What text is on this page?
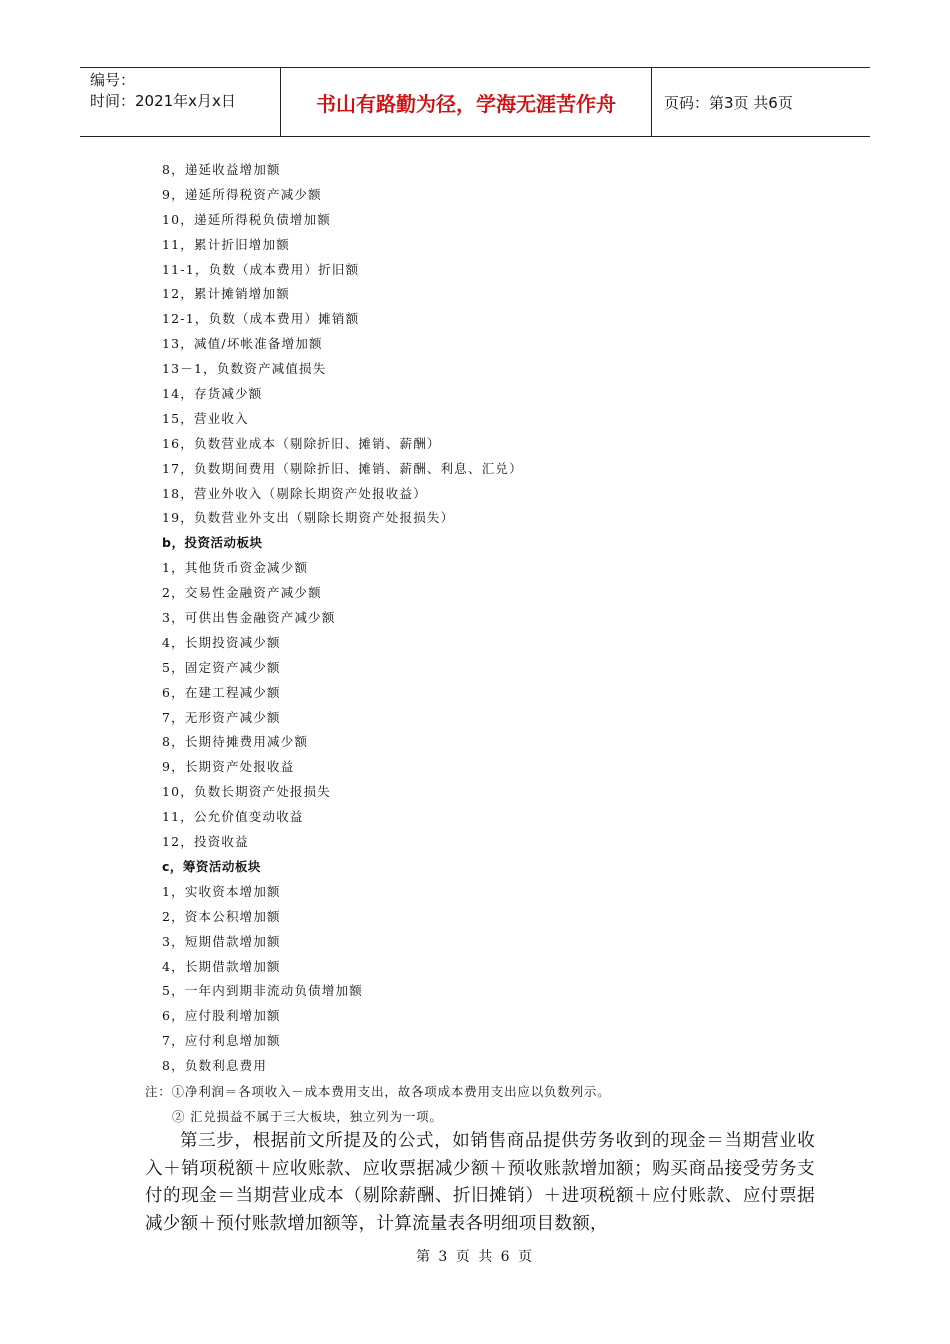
编号：
时间：2021年x月x日	书山有路勤为径，学海无涯苦作舟	页码：第3页 共6页
8，递延收益增加额
9，递延所得税资产减少额
10，递延所得税负债增加额
11，累计折旧增加额
11-1，负数（成本费用）折旧额
12，累计摊销增加额
12-1，负数（成本费用）摊销额
13，减值/坏帐准备增加额
13－1，负数资产减值损失
14，存货减少额
15，营业收入
16，负数营业成本（剔除折旧、摊销、薪酬）
17，负数期间费用（剔除折旧、摊销、薪酬、利息、汇兑）
18，营业外收入（剔除长期资产处报收益）
19，负数营业外支出（剔除长期资产处报损失）
b，投资活动板块
1，其他货币资金减少额
2，交易性金融资产减少额
3，可供出售金融资产减少额
4，长期投资减少额
5，固定资产减少额
6，在建工程减少额
7，无形资产减少额
8，长期待摊费用减少额
9，长期资产处报收益
10，负数长期资产处报损失
11，公允价值变动收益
12，投资收益
c，筹资活动板块
1，实收资本增加额
2，资本公积增加额
3，短期借款增加额
4，长期借款增加额
5，一年内到期非流动负债增加额
6，应付股利增加额
7，应付利息增加额
8，负数利息费用
注：①净利润＝各项收入－成本费用支出，故各项成本费用支出应以负数列示。
② 汇兑损益不属于三大板块，独立列为一项。

第三步，根据前文所提及的公式，如销售商品提供劳务收到的现金＝当期营业收入＋销项税额＋应收账款、应收票据减少额＋预收账款增加额；购买商品接受劳务支付的现金＝当期营业成本（剔除薪酬、折旧摊销）＋进项税额＋应付账款、应付票据减少额＋预付账款增加额等，计算流量表各明细项目数额，

第 3 页 共 6 页
